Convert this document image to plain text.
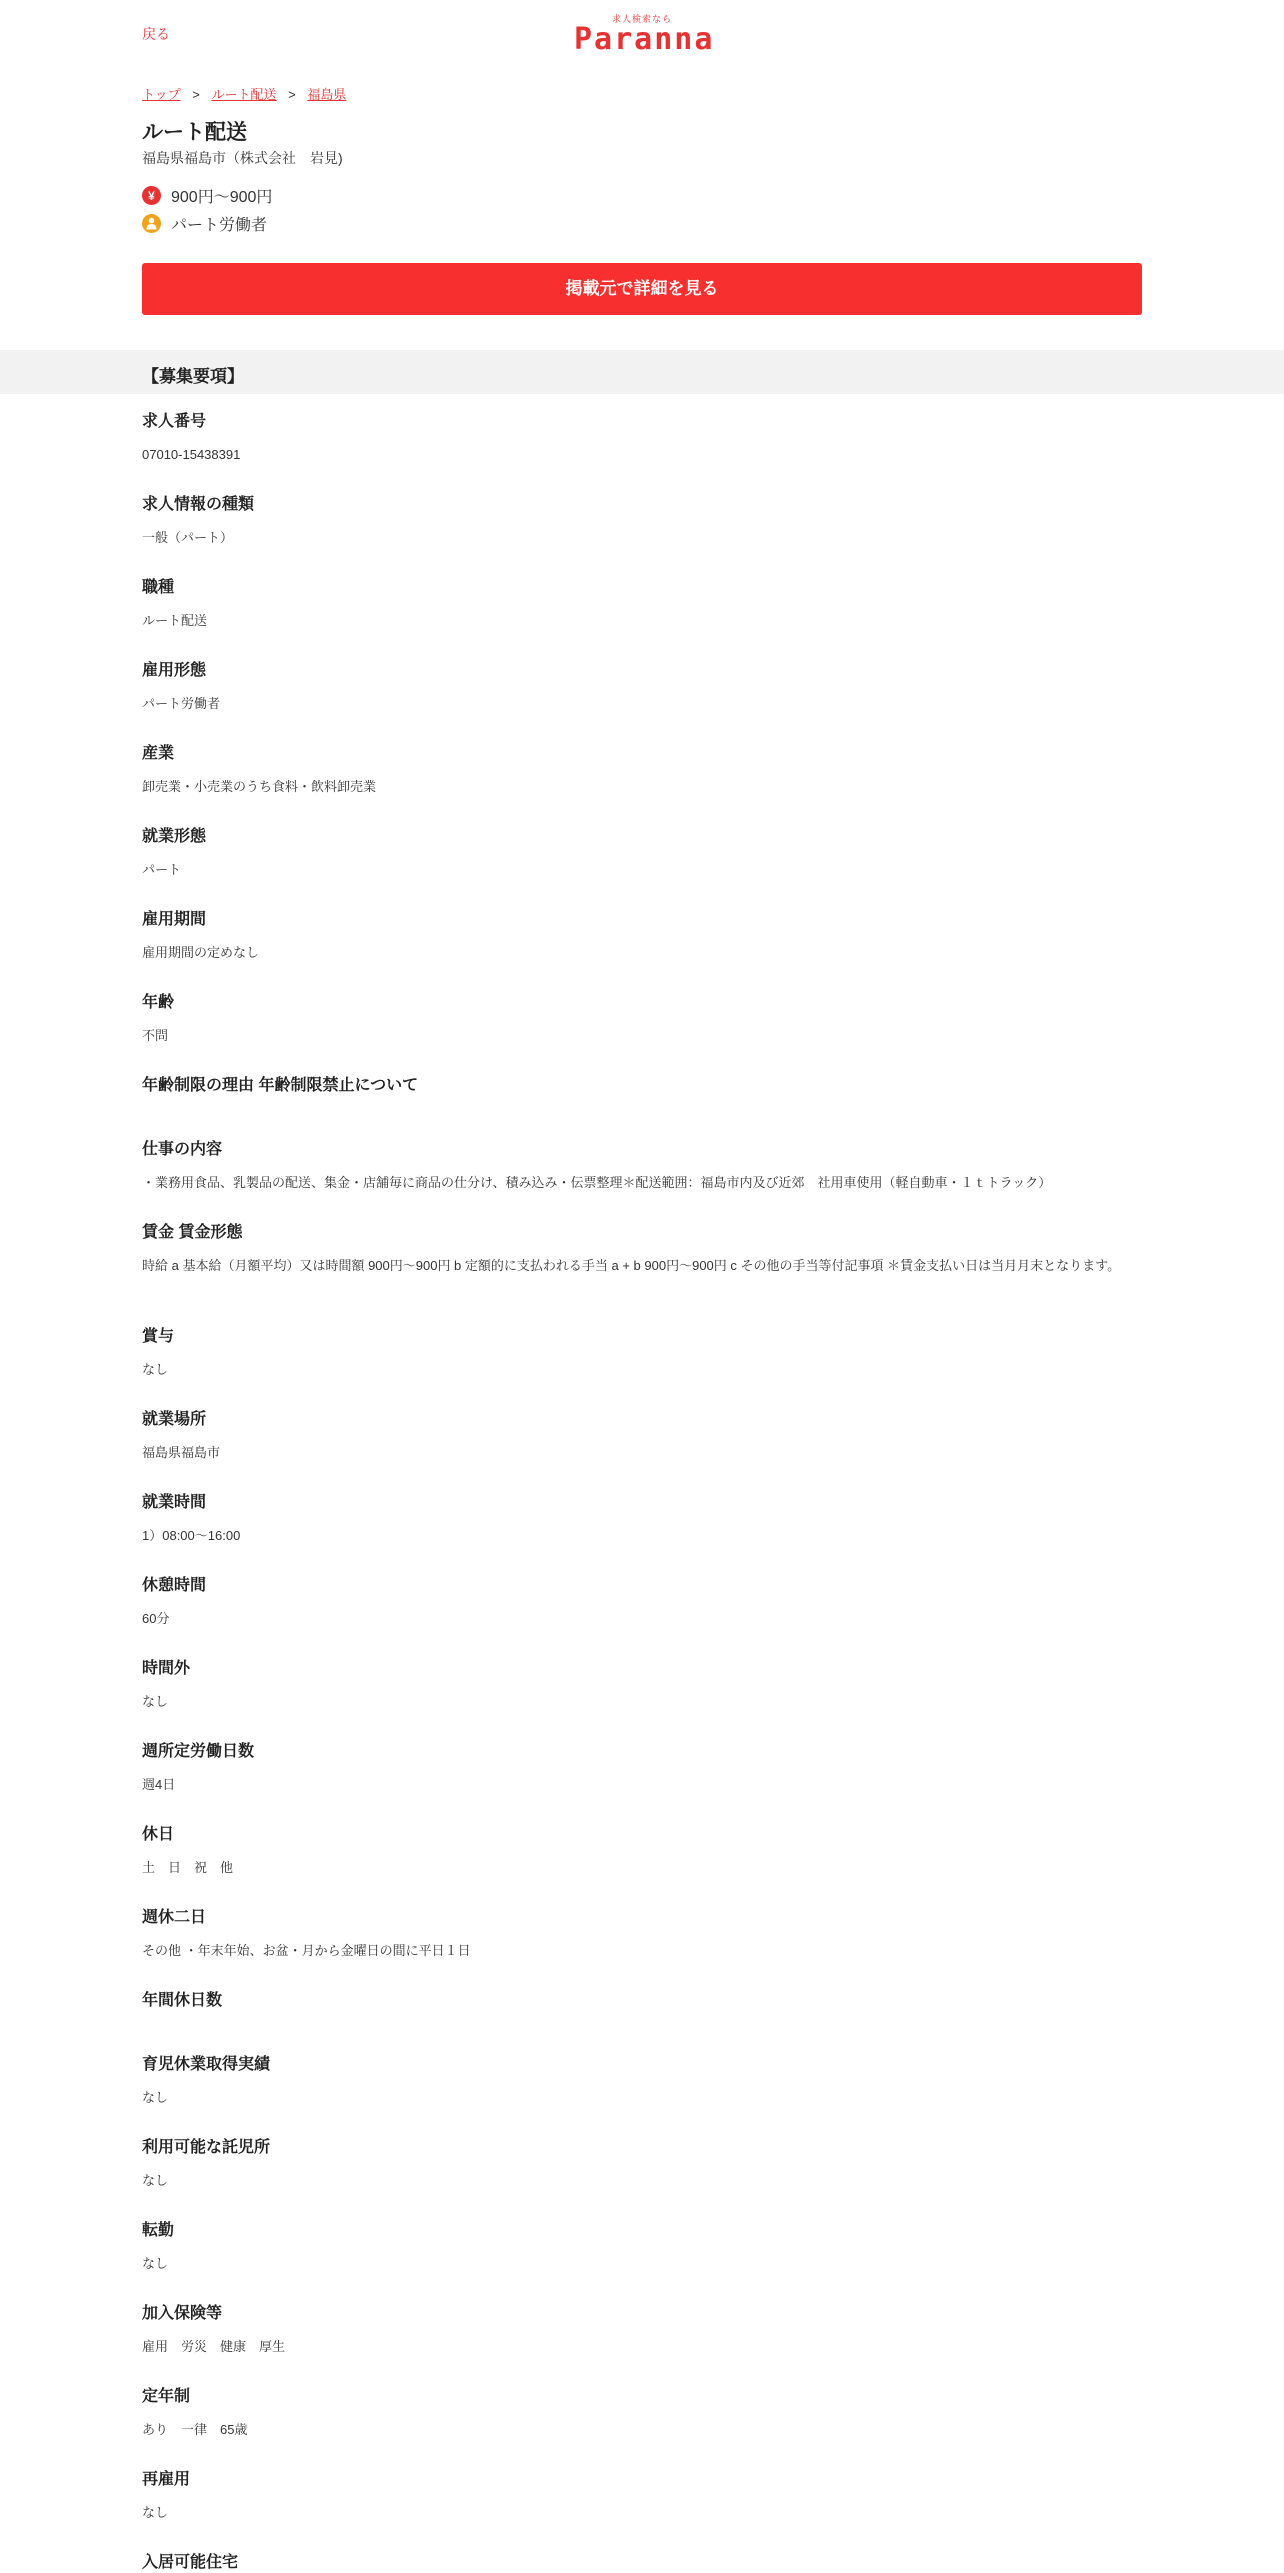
戻る
求人検索なら
Paranna
トップ > ルート配送 > 福島県
ルート配送
福島県福島市（株式会社　岩見)
¥	900円～900円
パート労働者
掲載元で詳細を見る
【募集要項】
求人番号
07010-15438391
求人情報の種類
一般（パート）
職種
ルート配送
雇用形態
パート労働者
産業
卸売業・小売業のうち食料・飲料卸売業
就業形態
パート
雇用期間
雇用期間の定めなし
年齢
不問
年齢制限の理由 年齢制限禁止について
仕事の内容
・業務用食品、乳製品の配送、集金・店舗毎に商品の仕分け、積み込み・伝票整理＊配送範囲：福島市内及び近郊　社用車使用（軽自動車・１ｔトラック）
賃金 賃金形態
時給 a 基本給（月額平均）又は時間額 900円～900円 b 定額的に支払われる手当 a + b 900円～900円 c その他の手当等付記事項 ＊賃金支払い日は当月月末となります。
賞与
なし
就業場所
福島県福島市
就業時間
1）08:00～16:00
休憩時間
60分
時間外
なし
週所定労働日数
週4日
休日
土　日　祝　他
週休二日
その他 ・年末年始、お盆・月から金曜日の間に平日１日
年間休日数
育児休業取得実績
なし
利用可能な託児所
なし
転勤
なし
加入保険等
雇用　労災　健康　厚生
定年制
あり　一律　65歳
再雇用
なし
入居可能住宅
